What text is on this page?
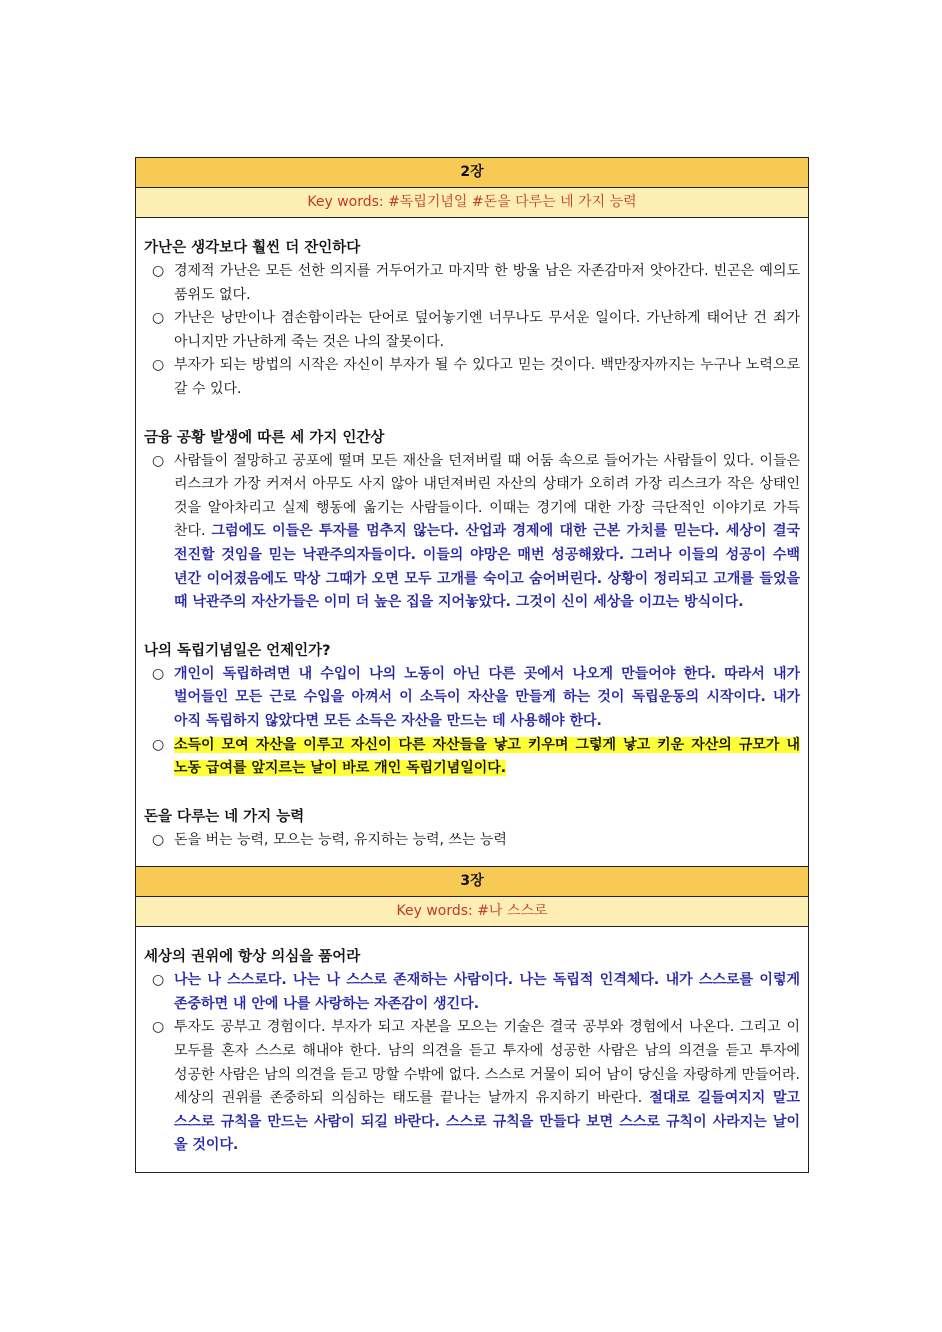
2장
Key words: #독립기념일 #돈을 다루는 네 가지 능력
가난은 생각보다 훨씬 더 잔인하다
○ 경제적 가난은 모든 선한 의지를 거두어가고 마지막 한 방울 남은 자존감마저 앗아간다. 빈곤은 예의도 품위도 없다.
○ 가난은 낭만이나 겸손함이라는 단어로 덮어놓기엔 너무나도 무서운 일이다. 가난하게 태어난 건 죄가 아니지만 가난하게 죽는 것은 나의 잘못이다.
○ 부자가 되는 방법의 시작은 자신이 부자가 될 수 있다고 믿는 것이다. 백만장자까지는 누구나 노력으로 갈 수 있다.
금융 공황 발생에 따른 세 가지 인간상
○ 사람들이 절망하고 공포에 떨며 모든 재산을 던져버릴 때 어둠 속으로 들어가는 사람들이 있다. 이들은 리스크가 가장 커져서 아무도 사지 않아 내던져버린 자산의 상태가 오히려 가장 리스크가 작은 상태인 것을 알아차리고 실제 행동에 옮기는 사람들이다. 이때는 경기에 대한 가장 극단적인 이야기로 가득 찬다. 그럼에도 이들은 투자를 멈추지 않는다. 산업과 경제에 대한 근본 가치를 믿는다. 세상이 결국 전진할 것임을 믿는 낙관주의자들이다. 이들의 야망은 매번 성공해왔다. 그러나 이들의 성공이 수백 년간 이어졌음에도 막상 그때가 오면 모두 고개를 숙이고 숨어버린다. 상황이 정리되고 고개를 들었을 때 낙관주의 자산가들은 이미 더 높은 집을 지어놓았다. 그것이 신이 세상을 이끄는 방식이다.
나의 독립기념일은 언제인가?
○ 개인이 독립하려면 내 수입이 나의 노동이 아닌 다른 곳에서 나오게 만들어야 한다. 따라서 내가 벌어들인 모든 근로 수입을 아껴서 이 소득이 자산을 만들게 하는 것이 독립운동의 시작이다. 내가 아직 독립하지 않았다면 모든 소득은 자산을 만드는 데 사용해야 한다.
○ 소득이 모여 자산을 이루고 자신이 다른 자산들을 낳고 키우며 그렇게 낳고 키운 자산의 규모가 내 노동 급여를 앞지르는 날이 바로 개인 독립기념일이다.
돈을 다루는 네 가지 능력
○ 돈을 버는 능력, 모으는 능력, 유지하는 능력, 쓰는 능력
3장
Key words: #나 스스로
세상의 권위에 항상 의심을 품어라
○ 나는 나 스스로다. 나는 나 스스로 존재하는 사람이다. 나는 독립적 인격체다. 내가 스스로를 이렇게 존중하면 내 안에 나를 사랑하는 자존감이 생긴다.
○ 투자도 공부고 경험이다. 부자가 되고 자본을 모으는 기술은 결국 공부와 경험에서 나온다. 그리고 이 모두를 혼자 스스로 해내야 한다. 남의 의견을 듣고 투자에 성공한 사람은 남의 의견을 듣고 투자에 성공한 사람은 남의 의견을 듣고 망할 수밖에 없다. 스스로 거물이 되어 남이 당신을 자랑하게 만들어라. 세상의 권위를 존중하되 의심하는 태도를 끝나는 날까지 유지하기 바란다. 절대로 길들여지지 말고 스스로 규칙을 만드는 사람이 되길 바란다. 스스로 규칙을 만들다 보면 스스로 규칙이 사라지는 날이 올 것이다.
